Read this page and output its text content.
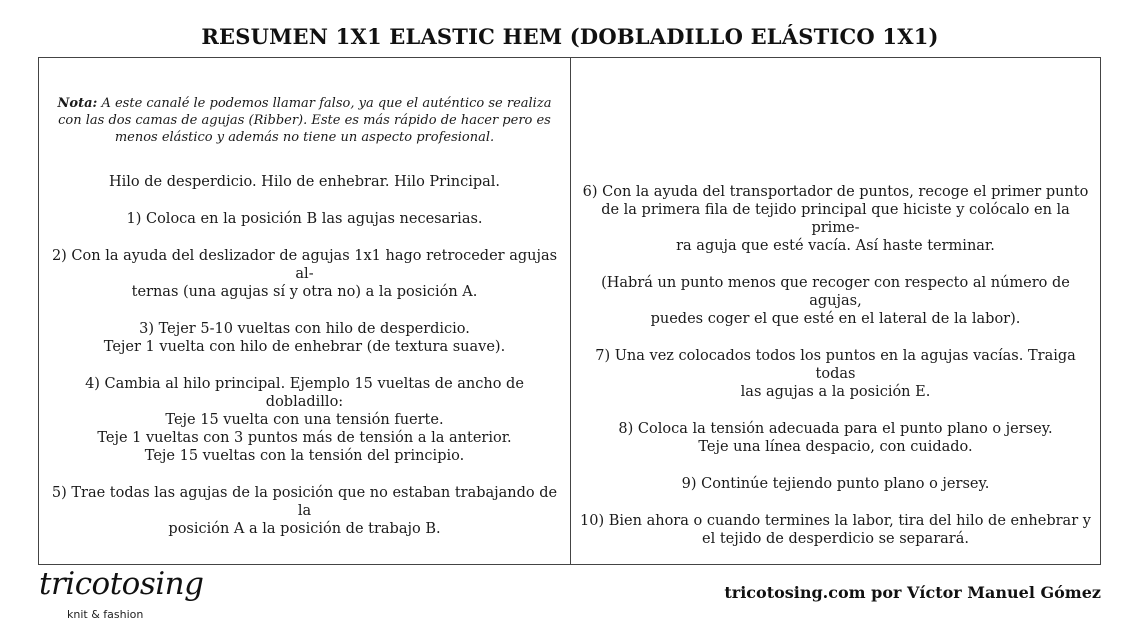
RESUMEN 1X1 ELASTIC HEM (DOBLADILLO ELÁSTICO 1X1)

Nota: A este canalé le podemos llamar falso, ya que el auténtico se realiza con las dos camas de agujas (Ribber). Este es más rápido de hacer pero es menos elástico y además no tiene un aspecto profesional.

Hilo de desperdicio. Hilo de enhebrar. Hilo Principal.

1) Coloca en la posición B las agujas necesarias.

2) Con la ayuda del deslizador de agujas 1x1 hago retroceder agujas al-
ternas (una agujas sí y otra no) a la posición A.

3) Tejer 5-10 vueltas con hilo de desperdicio.
Tejer 1 vuelta con hilo de enhebrar (de textura suave).

4) Cambia al hilo principal. Ejemplo 15 vueltas de ancho de dobladillo:
Teje 15 vuelta con una tensión fuerte.
Teje 1 vueltas con 3 puntos más de tensión a la anterior.
Teje 15 vueltas con la tensión del principio.

5) Trae todas las agujas de la posición que no estaban trabajando de la
posición A a la posición de trabajo B.

6) Con la ayuda del transportador de puntos, recoge el primer punto
de la primera fila de tejido principal que hiciste y colócalo en la prime-
ra aguja que esté vacía. Así haste terminar.

(Habrá un punto menos que recoger con respecto al número de agujas,
puedes coger el que esté en el lateral de la labor).

7) Una vez colocados todos los puntos en la agujas vacías. Traiga todas
las agujas a la posición E.

8) Coloca la tensión adecuada para el punto plano o jersey.
Teje una línea despacio, con cuidado.

9) Continúe tejiendo punto plano o jersey.

10) Bien ahora o cuando termines la labor, tira del hilo de enhebrar y
el tejido de desperdicio se separará.

tricotosing
knit & fashion
tricotosing.com por Víctor Manuel Gómez
